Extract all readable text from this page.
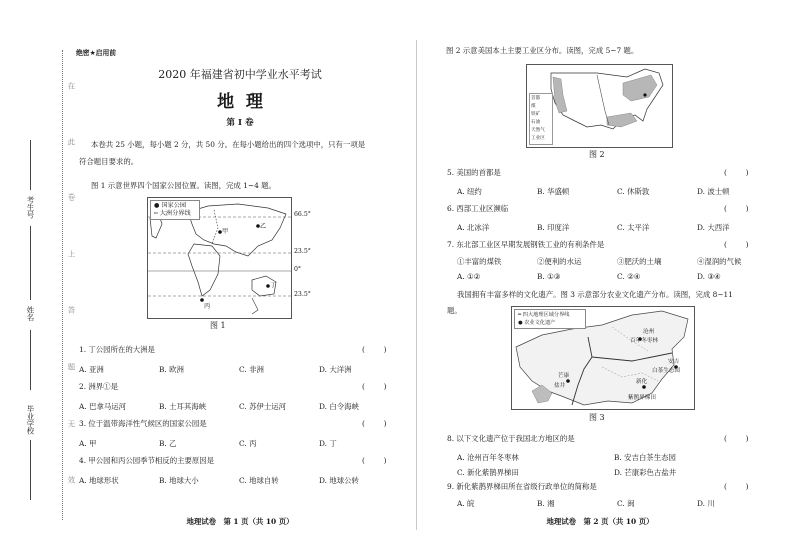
在
此
卷
上
答
题
无
效
考生号
姓名
毕业学校
绝密★启用前
2020 年福建省初中学业水平考试
地  理
第 I 卷
本卷共 25 小题，每小题 2 分，共 50 分。在每小题给出的四个选项中，只有一项是
符合题目要求的。
图 1 示意世界四个国家公园位置。读图，完成 1~4 题。
● 国家公园
┅ 大洲分界线
甲
乙
丙
丁
66.5°
23.5°
0°
23.5°
图 1
1. 丁公园所在的大洲是	(        )
A. 亚洲	B. 欧洲	C. 非洲	D. 大洋洲
2. 洲界①是	(        )
A. 巴拿马运河	B. 土耳其海峡	C. 苏伊士运河	D. 白令海峡
3. 位于温带海洋性气候区的国家公园是	(        )
A. 甲	B. 乙	C. 丙	D. 丁
4. 甲公园和丙公园季节相反的主要原因是	(        )
A. 地球形状	B. 地球大小	C. 地球自转	D. 地球公转
地理试卷　第 1 页（共 10 页）
图 2 示意美国本土主要工业区分布。读图，完成 5~7 题。
首都
煤
铁矿
石油
天然气
工业区
图 2
5. 美国的首都是	(        )
A. 纽约	B. 华盛顿	C. 休斯敦	D. 波士顿
6. 西部工业区濒临	(        )
A. 北冰洋	B. 印度洋	C. 太平洋	D. 大西洋
7. 东北部工业区早期发展钢铁工业的有利条件是	(        )
①丰富的煤铁	②便利的水运	③肥沃的土壤	④湿润的气候
A. ①②	B. ①③	C. ②④	D. ③④
我国拥有丰富多样的文化遗产。图 3 示意部分农业文化遗产分布。读图，完成 8~11
题。	━ 四大地理区域分界线
● 农业文化遗产
沧州
百年冬枣林
安吉
白茶生态园
新化
紫鹊界梯田
芒康
盐井
图 3
8. 以下文化遗产位于我国北方地区的是	(        )
A. 沧州百年冬枣林	B. 安吉白茶生态园
C. 新化紫鹊界梯田	D. 芒康彩色古盐井
9. 新化紫鹊界梯田所在省级行政单位的简称是	(        )
A. 皖	B. 湘	C. 闽	D. 川
地理试卷　第 2 页（共 10 页）
